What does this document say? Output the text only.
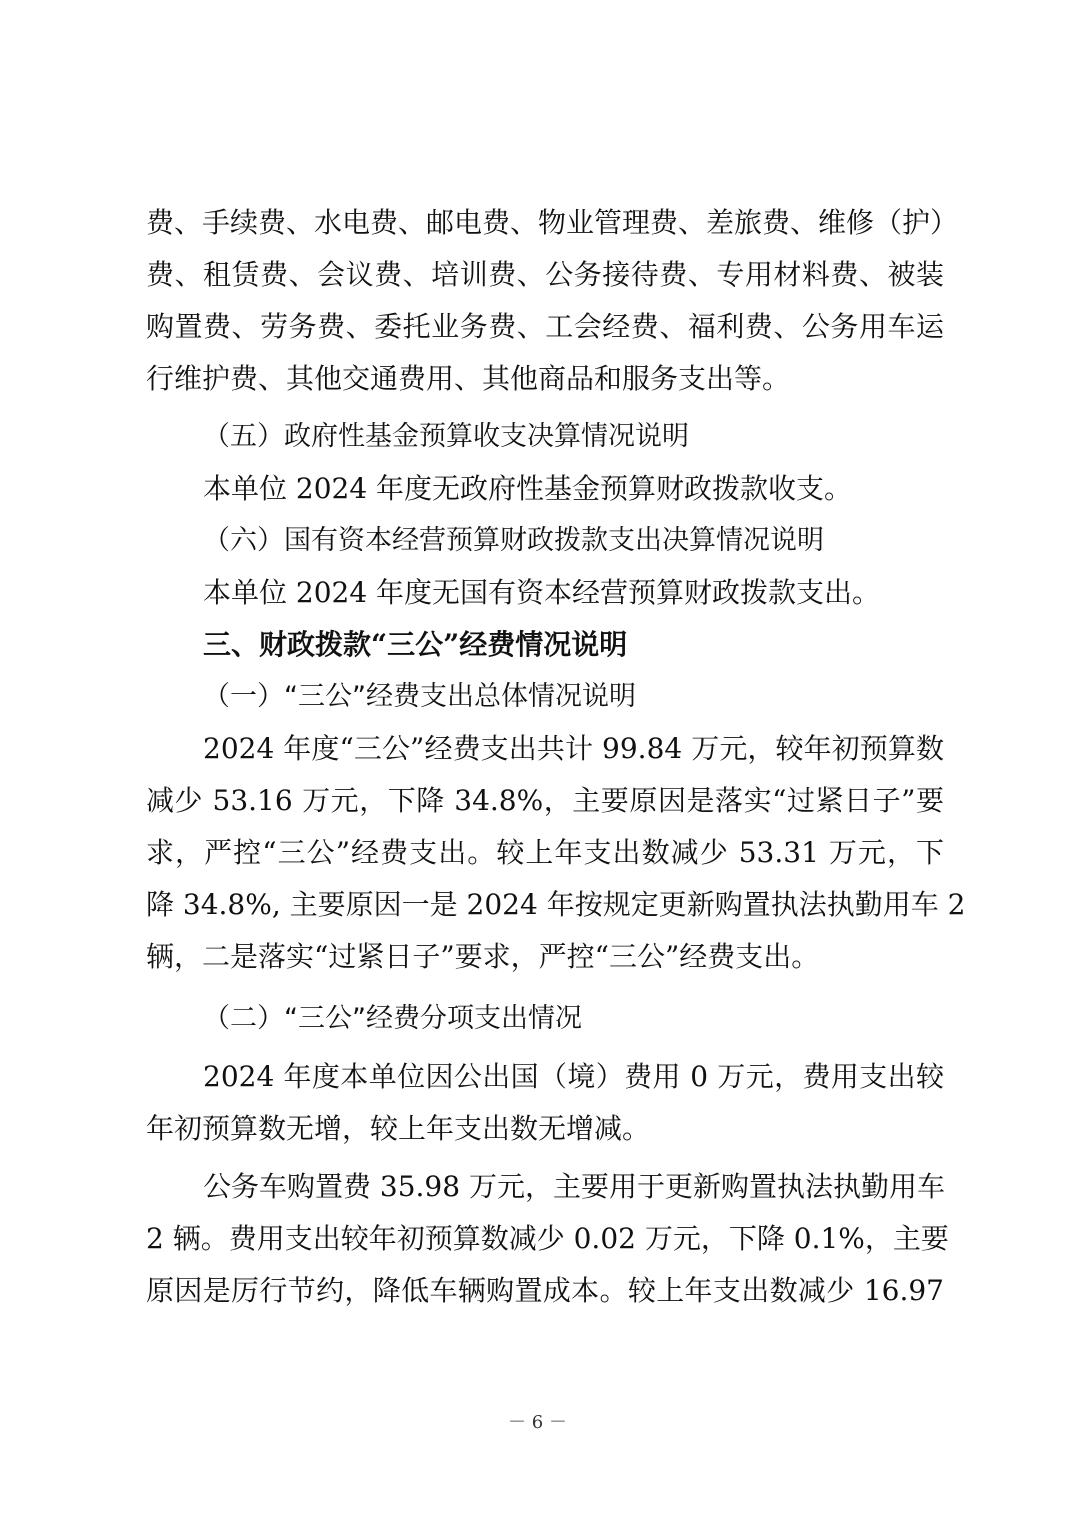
费、手续费、水电费、邮电费、物业管理费、差旅费、维修（护）
费、租赁费、会议费、培训费、公务接待费、专用材料费、被装
购置费、劳务费、委托业务费、工会经费、福利费、公务用车运
行维护费、其他交通费用、其他商品和服务支出等。
（五）政府性基金预算收支决算情况说明
本单位 2024 年度无政府性基金预算财政拨款收支。
（六）国有资本经营预算财政拨款支出决算情况说明
本单位 2024 年度无国有资本经营预算财政拨款支出。
三、财政拨款“三公”经费情况说明
（一）“三公”经费支出总体情况说明
2024 年度“三公”经费支出共计 99.84 万元，较年初预算数
减少 53.16 万元，下降 34.8%，主要原因是落实“过紧日子”要
求，严控“三公”经费支出。较上年支出数减少 53.31 万元，下
降 34.8%, 主要原因一是 2024 年按规定更新购置执法执勤用车 2
辆，二是落实“过紧日子”要求，严控“三公”经费支出。
（二）“三公”经费分项支出情况
2024 年度本单位因公出国（境）费用 0 万元，费用支出较
年初预算数无增，较上年支出数无增减。
公务车购置费 35.98 万元，主要用于更新购置执法执勤用车
2 辆。费用支出较年初预算数减少 0.02 万元，下降 0.1%，主要
原因是厉行节约，降低车辆购置成本。较上年支出数减少 16.97
－ 6 －
